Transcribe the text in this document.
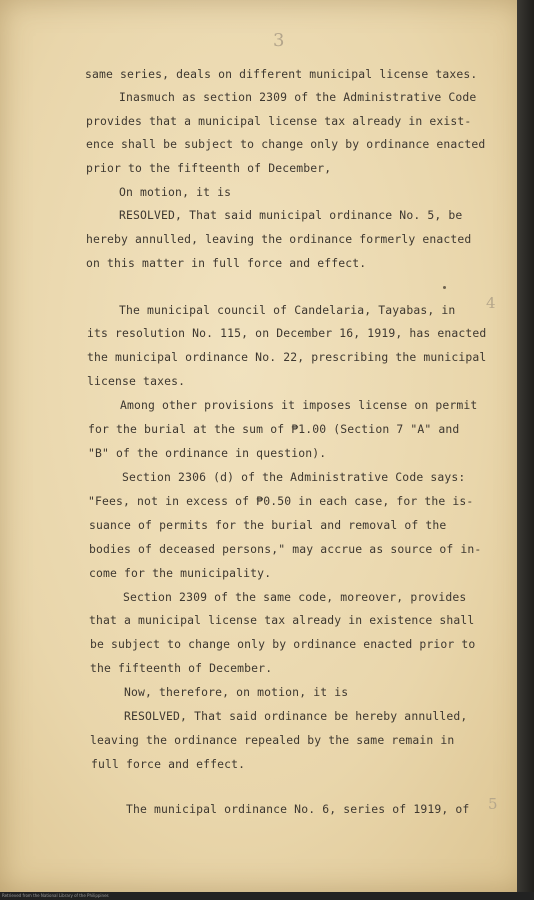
3
same series, deals on different municipal license taxes.
Inasmuch as section 2309 of the Administrative Code
provides that a municipal license tax already in exist-
ence shall be subject to change only by ordinance enacted
prior to the fifteenth of December,
On motion, it is
RESOLVED, That said municipal ordinance No. 5, be
hereby annulled, leaving the ordinance formerly enacted
on this matter in full force and effect.
The municipal council of Candelaria, Tayabas, in 4
its resolution No. 115, on December 16, 1919, has enacted
the municipal ordinance No. 22, prescribing the municipal
license taxes.
Among other provisions it imposes license on permit
for the burial at the sum of ₱1.00 (Section 7 "A" and
"B" of the ordinance in question).
Section 2306 (d) of the Administrative Code says:
"Fees, not in excess of ₱0.50 in each case, for the is-
suance of permits for the burial and removal of the
bodies of deceased persons," may accrue as source of in-
come for the municipality.
Section 2309 of the same code, moreover, provides
that a municipal license tax already in existence shall
be subject to change only by ordinance enacted prior to
the fifteenth of December.
Now, therefore, on motion, it is
RESOLVED, That said ordinance be hereby annulled,
leaving the ordinance repealed by the same remain in
full force and effect.
The municipal ordinance No. 6, series of 1919, of 5
Retrieved from the National Library of the Philippines
